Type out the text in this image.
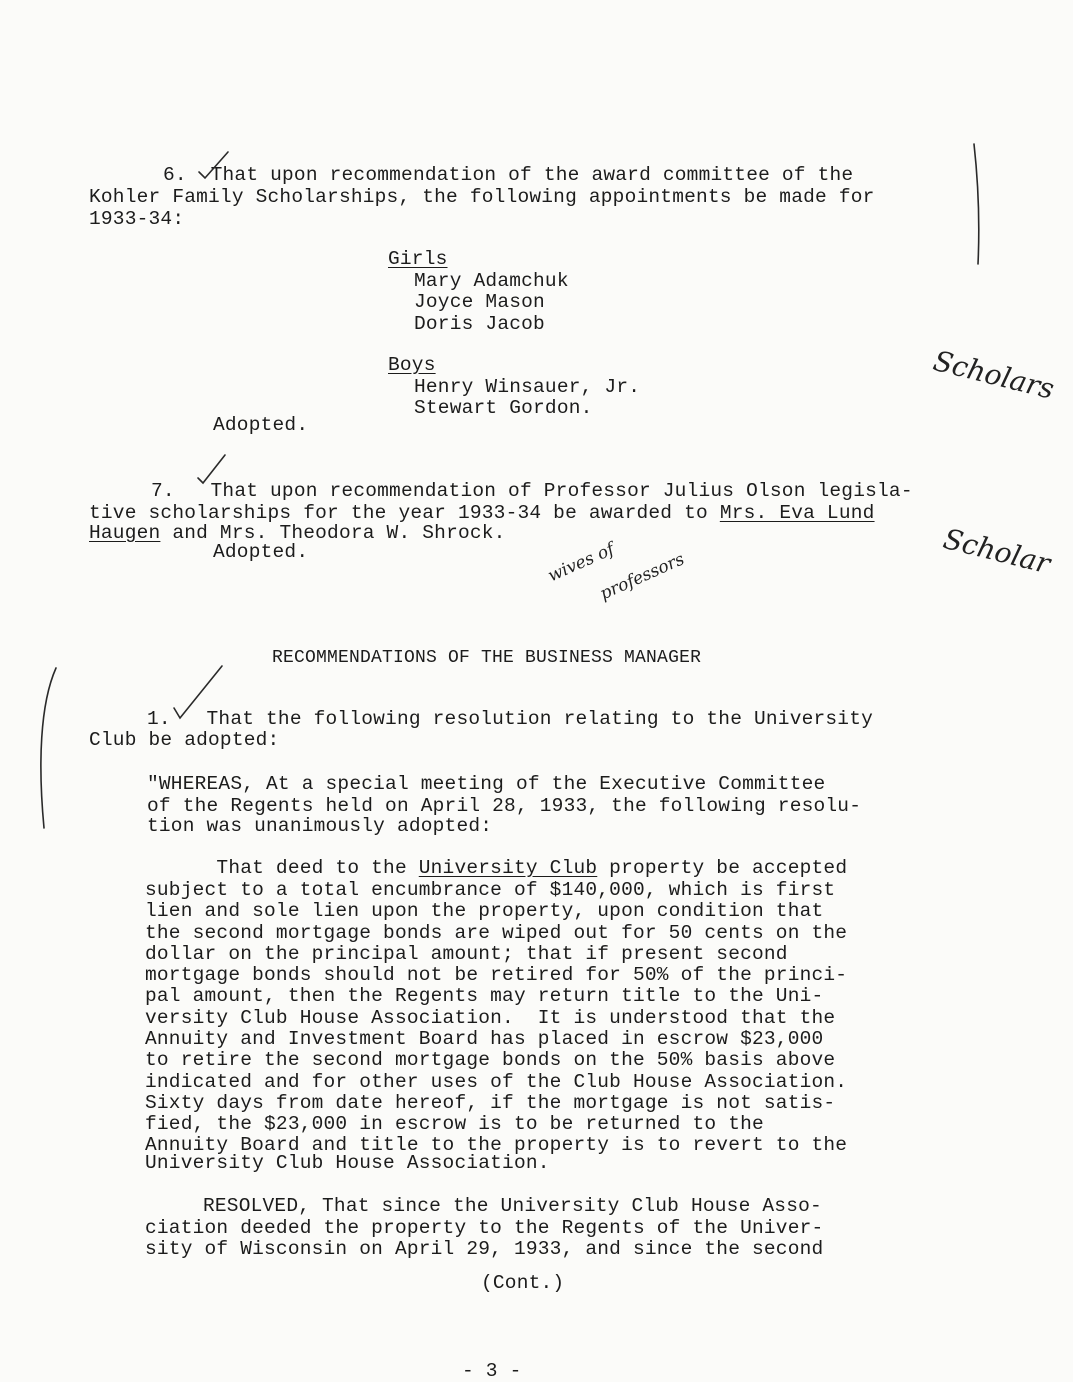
6.  That upon recommendation of the award committee of the
Kohler Family Scholarships, the following appointments be made for
1933-34:
Girls
Mary Adamchuk
Joyce Mason
Doris Jacob
Boys
Henry Winsauer, Jr.
Stewart Gordon.
Adopted.
7.   That upon recommendation of Professor Julius Olson legisla-
tive scholarships for the year 1933-34 be awarded to Mrs. Eva Lund
Haugen and Mrs. Theodora W. Shrock.
Adopted.
Scholars
Scholar
wives of
professors
RECOMMENDATIONS OF THE BUSINESS MANAGER
1.   That the following resolution relating to the University
Club be adopted:
"WHEREAS, At a special meeting of the Executive Committee
of the Regents held on April 28, 1933, the following resolu-
tion was unanimously adopted:
That deed to the University Club property be accepted
subject to a total encumbrance of $140,000, which is first
lien and sole lien upon the property, upon condition that
the second mortgage bonds are wiped out for 50 cents on the
dollar on the principal amount; that if present second
mortgage bonds should not be retired for 50% of the princi-
pal amount, then the Regents may return title to the Uni-
versity Club House Association.  It is understood that the
Annuity and Investment Board has placed in escrow $23,000
to retire the second mortgage bonds on the 50% basis above
indicated and for other uses of the Club House Association.
Sixty days from date hereof, if the mortgage is not satis-
fied, the $23,000 in escrow is to be returned to the
Annuity Board and title to the property is to revert to the
University Club House Association.
RESOLVED, That since the University Club House Asso-
ciation deeded the property to the Regents of the Univer-
sity of Wisconsin on April 29, 1933, and since the second
(Cont.)
- 3 -
